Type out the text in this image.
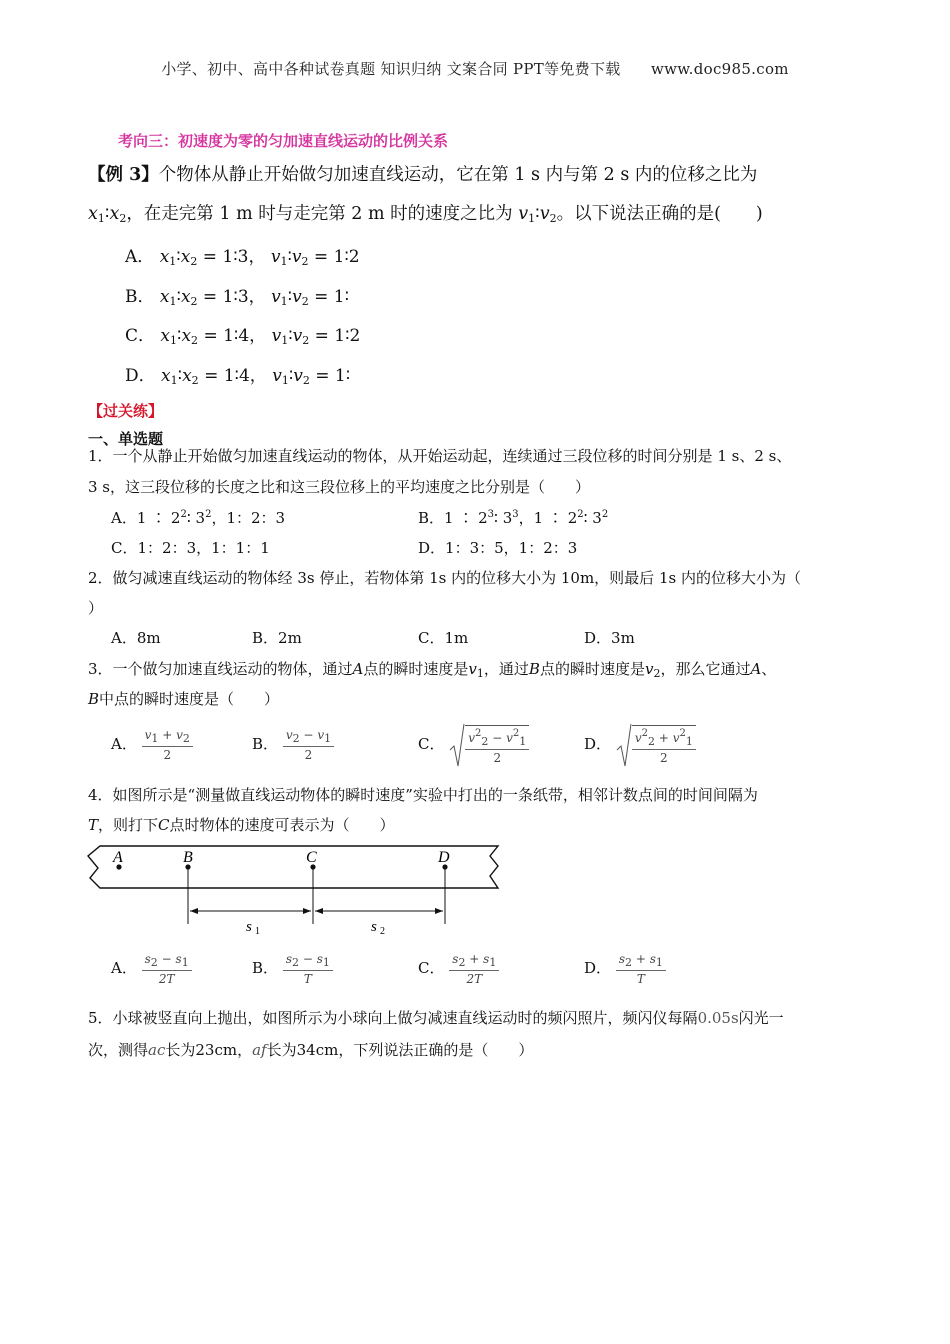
小学、初中、高中各种试卷真题 知识归纳 文案合同 PPT等免费下载 www.doc985.com
考向三：初速度为零的匀加速直线运动的比例关系
【例 3】个物体从静止开始做匀加速直线运动，它在第 1 s 内与第 2 s 内的位移之比为
$x_1∶x_2$，在走完第 1 m 时与走完第 2 m 时的速度之比为 $v_1∶v_2$。以下说法正确的是(　　)
A． $x_1∶x_2$ = 1∶3， $v_1∶v_2$ = 1∶2
B． $x_1∶x_2$ = 1∶3， $v_1∶v_2$ = 1∶
C． $x_1∶x_2$ = 1∶4， $v_1∶v_2$ = 1∶2
D． $x_1∶x_2$ = 1∶4， $v_1∶v_2$ = 1∶
【过关练】
一、单选题
1．一个从静止开始做匀加速直线运动的物体，从开始运动起，连续通过三段位移的时间分别是 1 s、2 s、
3 s，这三段位移的长度之比和这三段位移上的平均速度之比分别是（　　）
A．1 ∶ $2^2∶$ $3^2$，1：2：3	B．1 ∶ $2^3∶$ $3^3$，1 ∶ $2^2∶$ $3^2$
C．1：2：3，1：1：1	D．1：3：5，1：2：3
2．做匀减速直线运动的物体经 3s 停止，若物体第 1s 内的位移大小为 10m，则最后 1s 内的位移大小为（
）
A．8m	B．2m	C．1m	D．3m
3．一个做匀加速直线运动的物体，通过A点的瞬时速度是$v_1$，通过B点的瞬时速度是$v_2$，那么它通过A、
B中点的瞬时速度是（　　）
A． $\frac{v_1 + v_2}{2}$	B． $\frac{v_2 - v_1}{2}$	C． $\frac{v^2_2 - v^2_1}{2}$	D． $\frac{v^2_2 + v^2_1}{2}$
4．如图所示是“测量做直线运动物体的瞬时速度”实验中打出的一条纸带，相邻计数点间的时间间隔为
T，则打下C点时物体的速度可表示为（　　）
A	B	C	D
s 1	s 2
A． $\frac{s_2 - s_1}{2T}$	B． $\frac{s_2 - s_1}{T}$	C． $\frac{s_2 + s_1}{2T}$	D． $\frac{s_2 + s_1}{T}$
5．小球被竖直向上抛出，如图所示为小球向上做匀减速直线运动时的频闪照片，频闪仪每隔0.05s闪光一
次，测得ac长为23cm，af长为34cm，下列说法正确的是（　　）
